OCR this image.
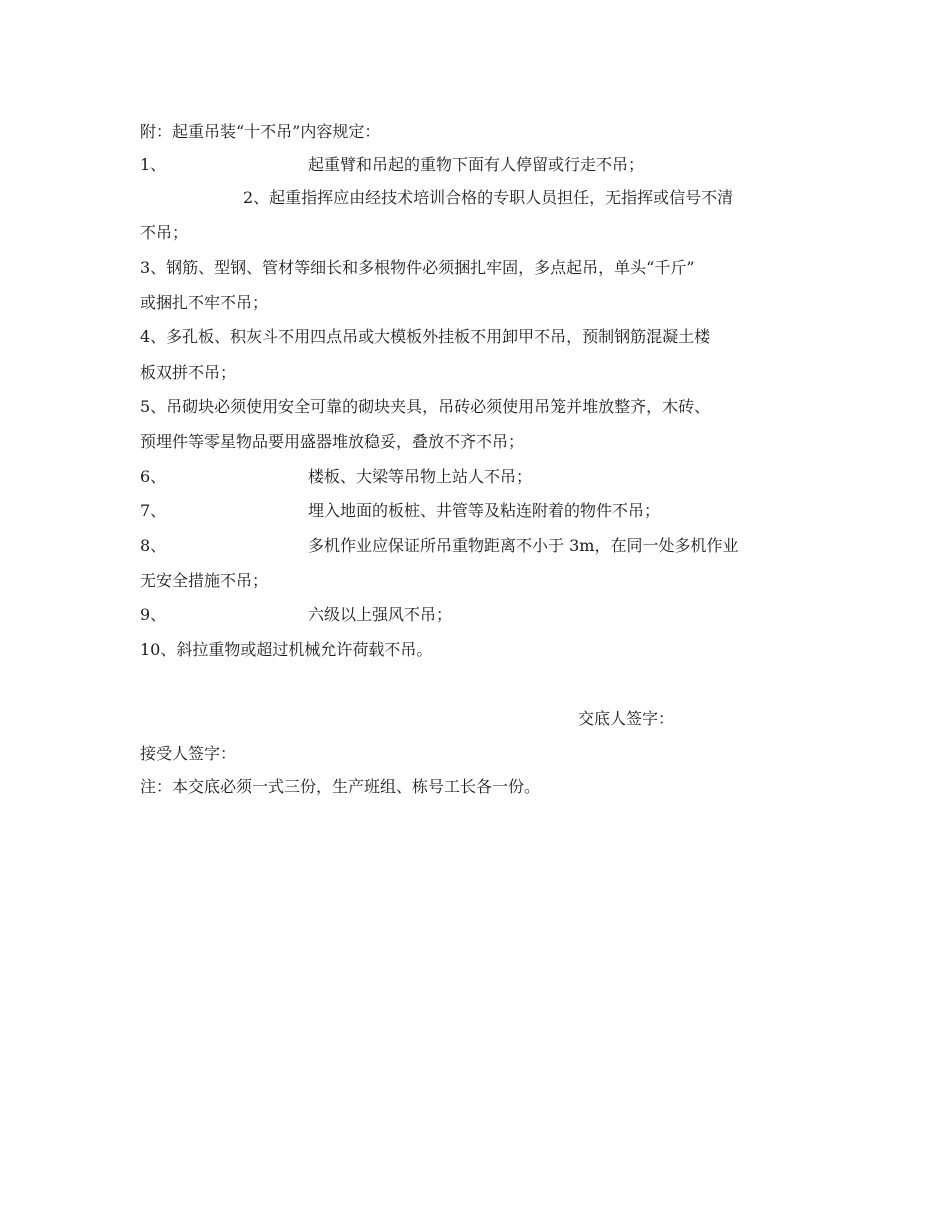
附：起重吊装“十不吊”内容规定：
1、	起重臂和吊起的重物下面有人停留或行走不吊；
2、起重指挥应由经技术培训合格的专职人员担任，无指挥或信号不清
不吊；
3、钢筋、型钢、管材等细长和多根物件必须捆扎牢固，多点起吊，单头“千斤”
或捆扎不牢不吊；
4、多孔板、积灰斗不用四点吊或大模板外挂板不用卸甲不吊，预制钢筋混凝土楼
板双拼不吊；
5、吊砌块必须使用安全可靠的砌块夹具，吊砖必须使用吊笼并堆放整齐，木砖、
预埋件等零星物品要用盛器堆放稳妥，叠放不齐不吊；
6、	楼板、大梁等吊物上站人不吊；
7、	埋入地面的板桩、井管等及粘连附着的物件不吊；
8、	多机作业应保证所吊重物距离不小于 3m，在同一处多机作业
无安全措施不吊；
9、	六级以上强风不吊；
10、斜拉重物或超过机械允许荷载不吊。
交底人签字：
接受人签字：
注：本交底必须一式三份，生产班组、栋号工长各一份。
